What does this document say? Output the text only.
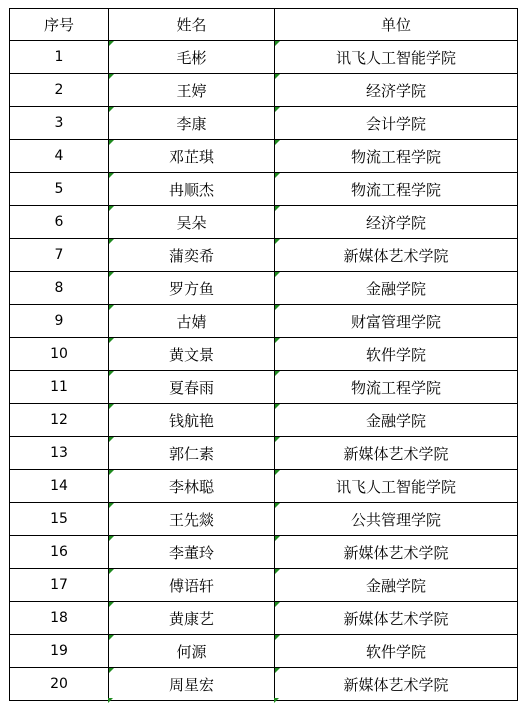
序号	姓名	单位
1	毛彬	讯飞人工智能学院
2	王婷	经济学院
3	李康	会计学院
4	邓芷琪	物流工程学院
5	冉顺杰	物流工程学院
6	吴朵	经济学院
7	蒲奕希	新媒体艺术学院
8	罗方鱼	金融学院
9	古婧	财富管理学院
10	黄文景	软件学院
11	夏春雨	物流工程学院
12	钱航艳	金融学院
13	郭仁素	新媒体艺术学院
14	李林聪	讯飞人工智能学院
15	王先燚	公共管理学院
16	李董玲	新媒体艺术学院
17	傅语轩	金融学院
18	黄康艺	新媒体艺术学院
19	何源	软件学院
20	周星宏	新媒体艺术学院
